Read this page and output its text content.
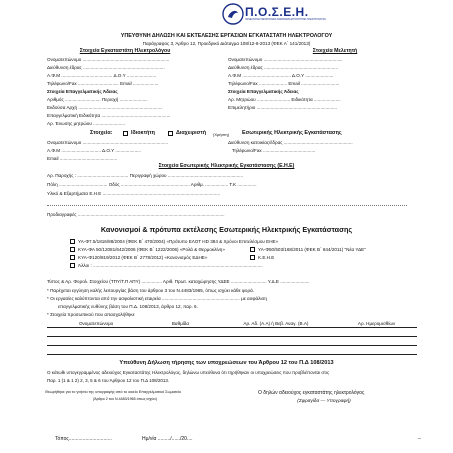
Π.Ο.Σ.Ε.Η.
ΠΑΝΕΛΛΗΝΙΑ ΟΜΟΣΠΟΝΔΙΑ ΣΩΜΑΤΕΙΩΝ ΕΡΓΟΛΗΠΤΩΝ ΗΛΕΚΤΡΟΛΟΓΩΝ
ΥΠΕΥΘΥΝΗ ΔΗΛΩΣΗ ΚΑΙ ΕΚΤΕΛΕΣΗΣ ΕΡΓΑΣΙΩΝ ΕΓΚΑΤΑΣΤΑΤΗ ΗΛΕΚΤΡΟΛΟΓΟΥ
Παράγραφος 3, Άρθρο 12, Προεδρικό Διάταγμα 108/12-6-2013 (ΦΕΚ Α΄ 141/2013)
Στοιχεία Εγκαταστάτη Ηλεκτρολόγου
Ονοματεπώνυμο ....................................................................
Διεύθυνση έδρας ................................................................
Α.Φ.Μ ........................................ Δ.Ο.Υ .......................
Τηλέφωνο/Fax ................................ Email ....................
Στοιχεία Επαγγελματικής Άδειας
Αριθμός ............................ Περιοχή ......................
Εκδούσα Αρχή ..................................................................
Επαγγελματική Ειδικότητα ......................................................
Αρ. Ένωσης μητρώου .........................
Στοιχεία Μελετητή
Ονοματεπώνυμο ..............................................................
Διεύθυνση έδρας ..........................................................
Α.Φ.Μ ...................................... Δ.Ο.Υ ......................
Τηλέφωνο/Fax ...................... Email ..............................
Στοιχεία Επαγγελματικής Άδειας
Αρ. Μητρώου .......................... Ειδικότητα .....................
Επιμελητήριο ...............................................................
Στοιχεία:	Ιδιοκτήτη	Διαχειριστή (Χρήστη) Εσωτερικής Ηλεκτρικής Εγκατάστασης
Ονοματεπώνυμο ...................................................................	Διεύθυνση κατοικίας/έδρας ......................................................
Α.Φ.Μ ............................... Δ.Ο.Υ ....................	Τηλέφωνο/Fax .........................................
Email .............................................
Στοιχεία Εσωτερικής Ηλεκτρικής Εγκατάστασης (Ε.Η.Ε)
Αρ. Παροχής : ........................................ Περιγραφή χώρου ...........................................................
Πόλη ...................................... Οδός ...................................................... Αριθμ. .................. Τ.Κ ...............
Υλικό & Εξαρτήματα Ε.Η.Ε ............................................................................................
Προδιαγραφές ...................................................................................................................
Κανονισμοί & πρότυπα εκτέλεσης Εσωτερικής Ηλεκτρικής Εγκατάστασης
ΥΑ-Φ7.5/1816/88/2004 (ΦΕΚ Β΄ 470/2004) «Πρότυπο ΕΛΟΤ HD 384 & Χρόνοι Επιτελέσμου ΕΗΕ»
ΚΥΑ-ΦΑ 50/12081/642/2006 (ΦΕΚ Β΄ 1222/2006) «Ρολά & Θερμοκλίνη»	ΥΑ-Φ50/503/168/2011 (ΦΕΚ Β΄ 844/2011) "Νέα ΥΔΕ"
ΚΥΑ-Φ120/819/2012 (ΦΕΚ Β΄ 2778/2012) «Κανονισμός ΕΔΗΕ»	Κ.Ε.Η.Ε
Άλλοι : .....................................................................................................................................
Τύπος & Αρ. Φορολ. Στοιχείου (ΤΠΥ/Τ.Π ΑΠΥ) ................ Αριθ. Πρωτ. καταχώρησης ΥΔΕΕ ............................ Υ.Δ.Ε .......................
* Παρέχεται εγγύηση καλής λειτουργίας βάση του άρθρου 3 του Ν.4483/1965, όπως ισχύει κάθε φορά.
* Οι εργασίες καλύπτονται από την ασφαλιστική εταιρεία ............................................................. με ασφάλιση
επαγγελματικής ευθύνης βάση του Π.Δ. 108/2013, άρθρο 12, παρ. 6.
* Στοιχεία προσωπικού που απασχολήθηκε
Ονοματεπώνυμο	Βαθμίδα	Αρ. Αδ. (Α.Α) ή Βεβ. Αναγ. (Β.Α)	Αρ. Ημερομισθίων

Υπεύθυνη Δήλωση τήρησης των υποχρεώσεων του Άρθρου 12 του Π.Δ 108/2013
Ο κάτωθι υπογεγραμμένος αδειούχος Εγκαταστάτης Ηλεκτρολόγος, δηλώνω υπεύθυνα ότι τηρήθηκαν οι υποχρεώσεις που προβλέπονται στις
Παρ. 1 (1 & 1 2) 2, 3, 5 & 6 του Άρθρου 12 του Π.Δ 108/2013.
Θεωρήθηκε για το γνήσιο της υπογραφής από το οικείο Επαγγελματικό Σωματείο
(Άρθρο 2 του Ν.4483/1965 όπως ισχύει)
Ο δηλών αδειούχος εγκαταστάτης ηλεκτρολόγος
(Σφραγίδα — Υπογραφή)
Τόπος...............................	Ημ/νία ........./....../20....	–
